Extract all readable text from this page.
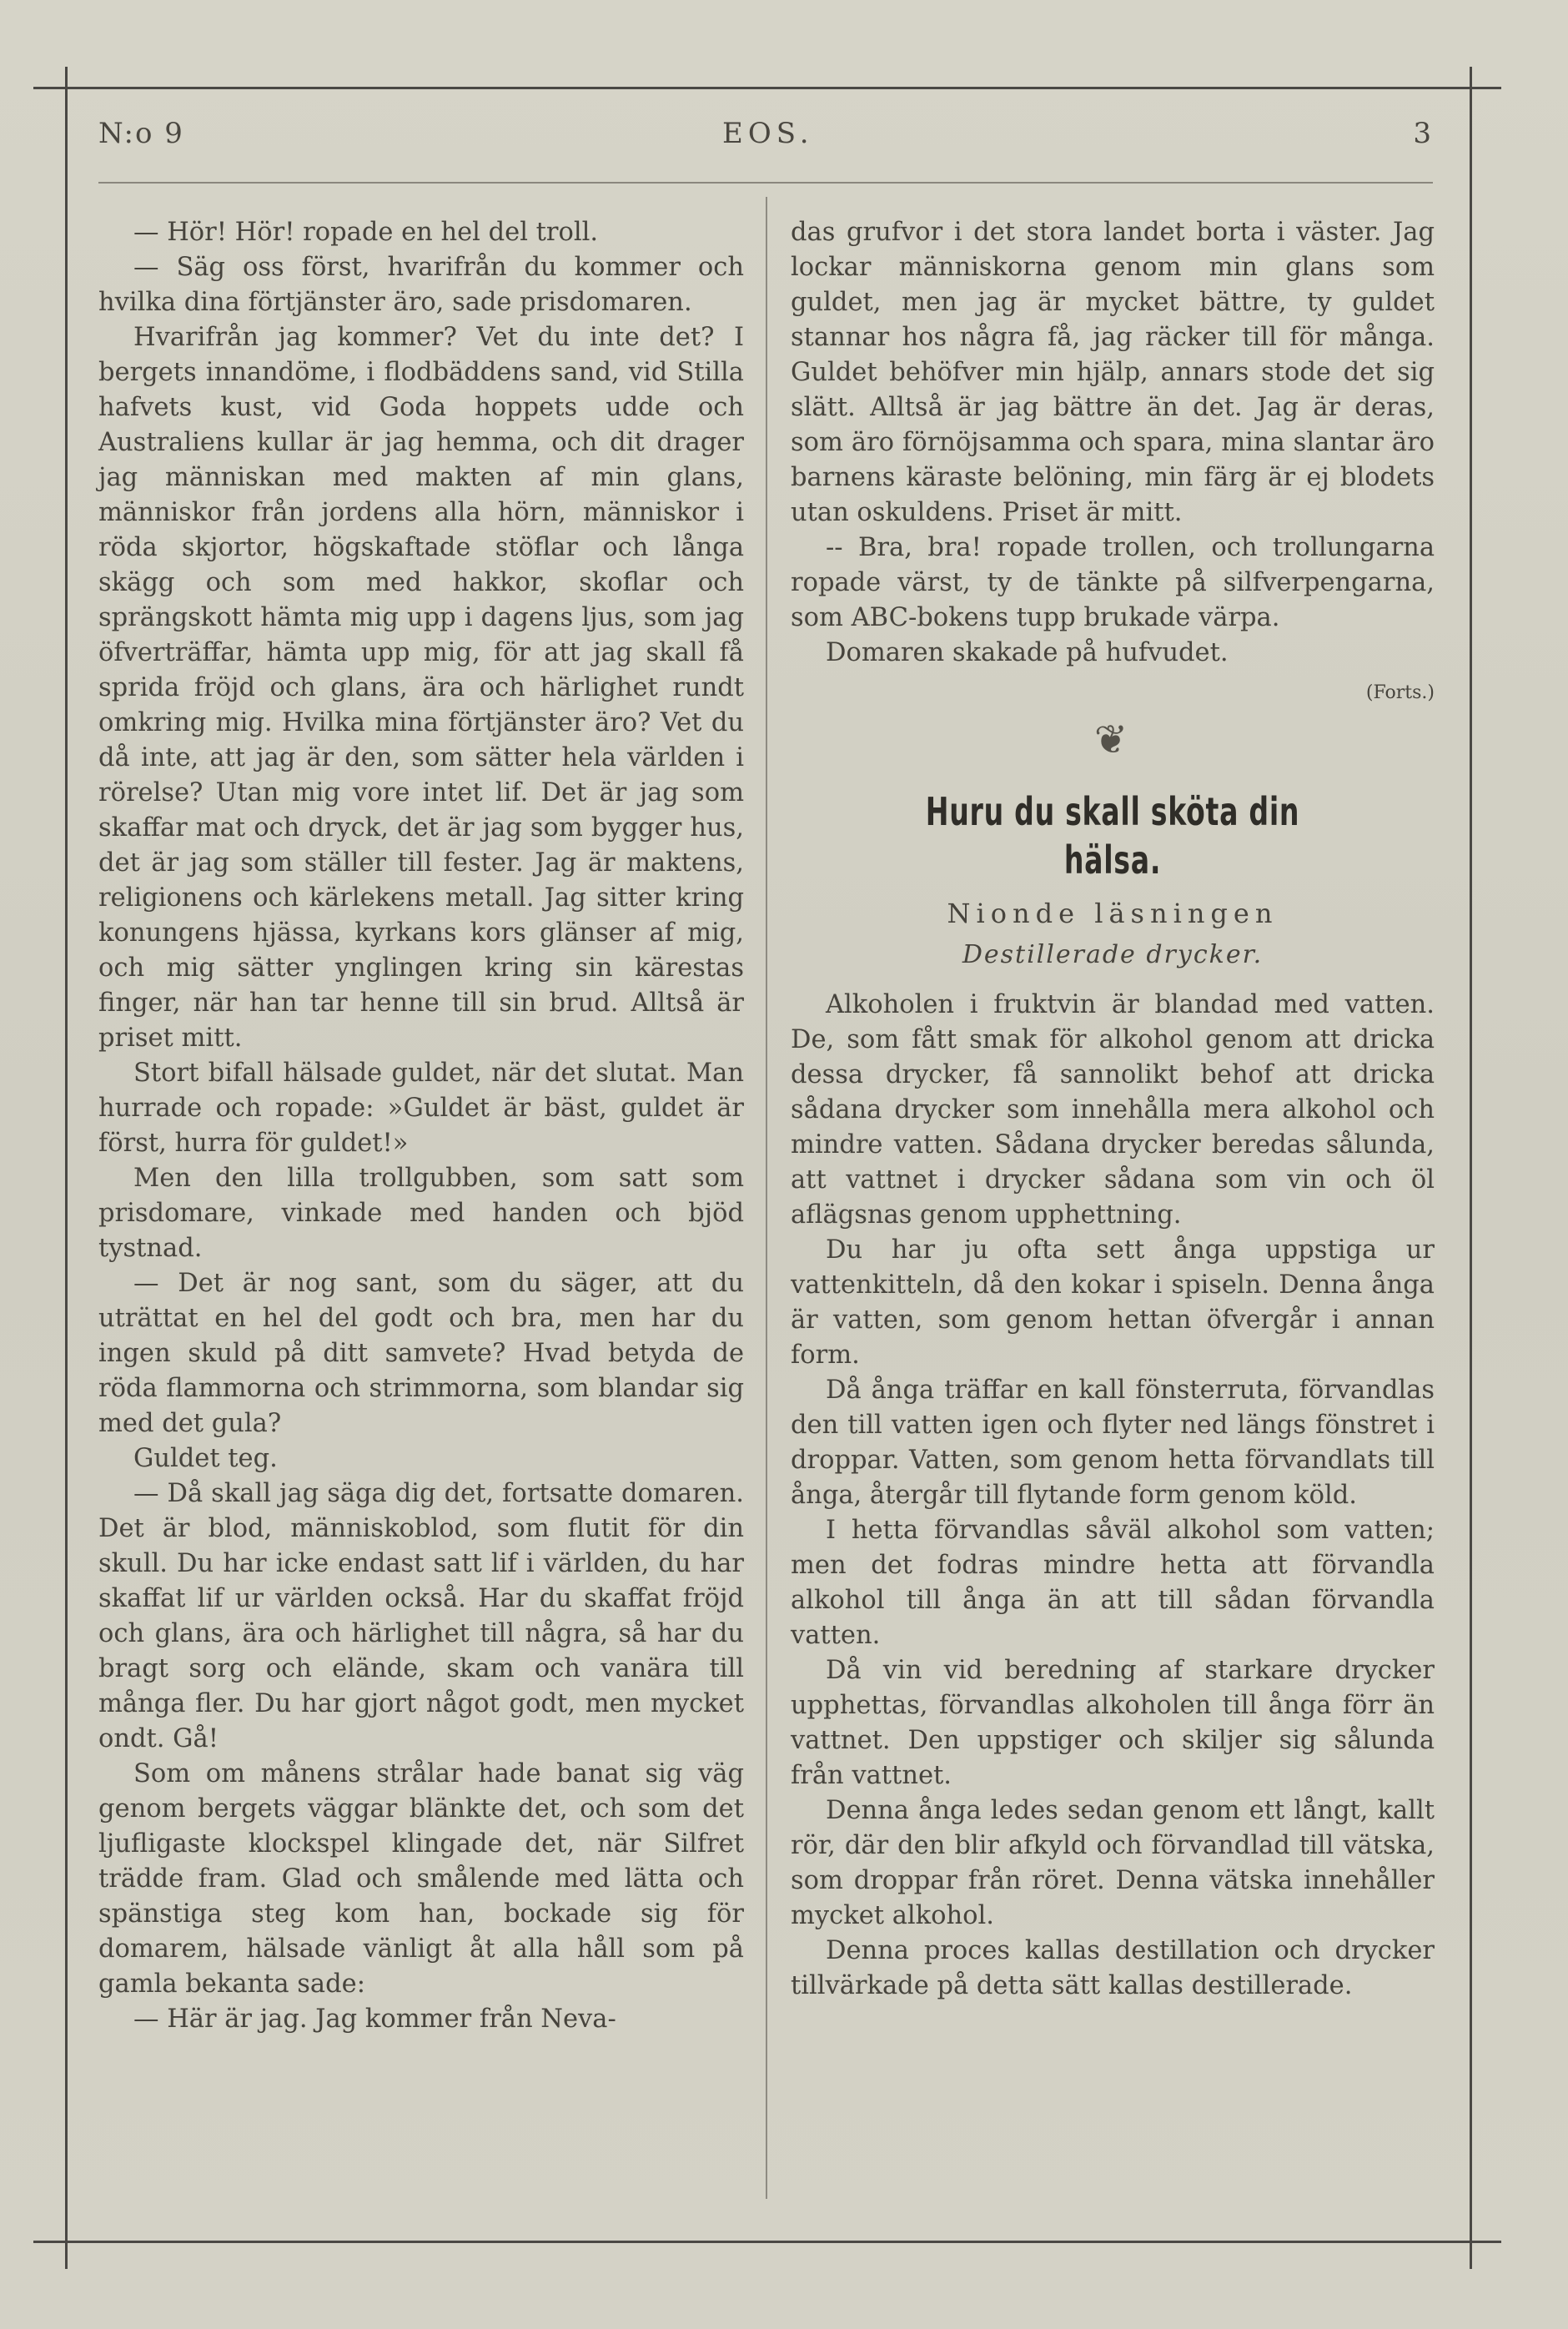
N:o 9	EOS.	3

— Hör! Hör! ropade en hel del troll.

— Säg oss först, hvarifrån du kommer och hvilka dina förtjänster äro, sade prisdomaren.

Hvarifrån jag kommer? Vet du inte det? I bergets innandöme, i flodbäddens sand, vid Stilla hafvets kust, vid Goda hoppets udde och Australiens kullar är jag hemma, och dit drager jag människan med makten af min glans, människor från jordens alla hörn, människor i röda skjortor, högskaftade stöflar och långa skägg och som med hakkor, skoflar och sprängskott hämta mig upp i dagens ljus, som jag öfverträffar, hämta upp mig, för att jag skall få sprida fröjd och glans, ära och härlighet rundt omkring mig. Hvilka mina förtjänster äro? Vet du då inte, att jag är den, som sätter hela världen i rörelse? Utan mig vore intet lif. Det är jag som skaffar mat och dryck, det är jag som bygger hus, det är jag som ställer till fester. Jag är maktens, religionens och kärlekens metall. Jag sitter kring konungens hjässa, kyrkans kors glänser af mig, och mig sätter ynglingen kring sin kärestas finger, när han tar henne till sin brud. Alltså är priset mitt.

Stort bifall hälsade guldet, när det slutat. Man hurrade och ropade: »Guldet är bäst, guldet är först, hurra för guldet!»

Men den lilla trollgubben, som satt som prisdomare, vinkade med handen och bjöd tystnad.

— Det är nog sant, som du säger, att du uträttat en hel del godt och bra, men har du ingen skuld på ditt samvete? Hvad betyda de röda flammorna och strimmorna, som blandar sig med det gula?

Guldet teg.

— Då skall jag säga dig det, fortsatte domaren. Det är blod, människoblod, som flutit för din skull. Du har icke endast satt lif i världen, du har skaffat lif ur världen också. Har du skaffat fröjd och glans, ära och härlighet till några, så har du bragt sorg och elände, skam och vanära till många fler. Du har gjort något godt, men mycket ondt. Gå!

Som om månens strålar hade banat sig väg genom bergets väggar blänkte det, och som det ljufligaste klockspel klingade det, när Silfret trädde fram. Glad och smålende med lätta och spänstiga steg kom han, bockade sig för domarem, hälsade vänligt åt alla håll som på gamla bekanta sade:

— Här är jag. Jag kommer från Neva-

das grufvor i det stora landet borta i väster. Jag lockar människorna genom min glans som guldet, men jag är mycket bättre, ty guldet stannar hos några få, jag räcker till för många. Guldet behöfver min hjälp, annars stode det sig slätt. Alltså är jag bättre än det. Jag är deras, som äro förnöjsamma och spara, mina slantar äro barnens käraste belöning, min färg är ej blodets utan oskuldens. Priset är mitt.

-- Bra, bra! ropade trollen, och trollungarna ropade värst, ty de tänkte på silfverpengarna, som ABC-bokens tupp brukade värpa.

Domaren skakade på hufvudet.

(Forts.)
❦
Huru du skall sköta din hälsa.
Nionde läsningen
Destillerade drycker.

Alkoholen i fruktvin är blandad med vatten. De, som fått smak för alkohol genom att dricka dessa drycker, få sannolikt behof att dricka sådana drycker som innehålla mera alkohol och mindre vatten. Sådana drycker beredas sålunda, att vattnet i drycker sådana som vin och öl aflägsnas genom upphettning.

Du har ju ofta sett ånga uppstiga ur vattenkitteln, då den kokar i spiseln. Denna ånga är vatten, som genom hettan öfvergår i annan form.

Då ånga träffar en kall fönsterruta, förvandlas den till vatten igen och flyter ned längs fönstret i droppar. Vatten, som genom hetta förvandlats till ånga, återgår till flytande form genom köld.

I hetta förvandlas såväl alkohol som vatten; men det fodras mindre hetta att förvandla alkohol till ånga än att till sådan förvandla vatten.

Då vin vid beredning af starkare drycker upphettas, förvandlas alkoholen till ånga förr än vattnet. Den uppstiger och skiljer sig sålunda från vattnet.

Denna ånga ledes sedan genom ett långt, kallt rör, där den blir afkyld och förvandlad till vätska, som droppar från röret. Denna vätska innehåller mycket alkohol.

Denna proces kallas destillation och drycker tillvärkade på detta sätt kallas destillerade.
